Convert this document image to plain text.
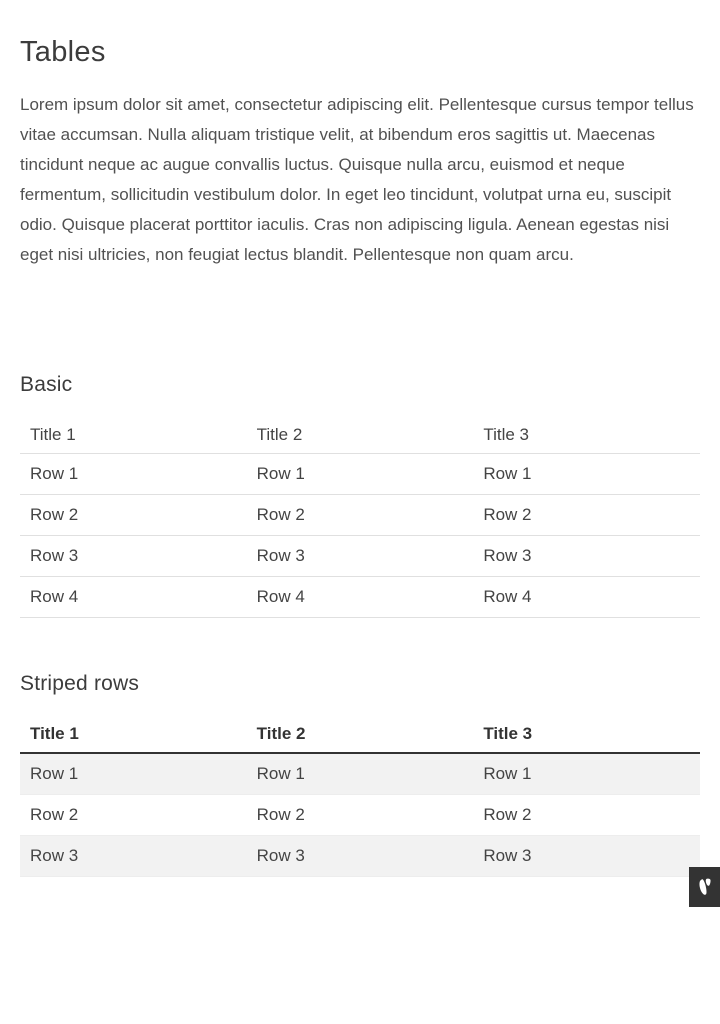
Tables

Lorem ipsum dolor sit amet, consectetur adipiscing elit. Pellentesque cursus tempor tellus vitae accumsan. Nulla aliquam tristique velit, at bibendum eros sagittis ut. Maecenas tincidunt neque ac augue convallis luctus. Quisque nulla arcu, euismod et neque fermentum, sollicitudin vestibulum dolor. In eget leo tincidunt, volutpat urna eu, suscipit odio. Quisque placerat porttitor iaculis. Cras non adipiscing ligula. Aenean egestas nisi eget nisi ultricies, non feugiat lectus blandit. Pellentesque non quam arcu.

Basic
Title 1	Title 2	Title 3
Row 1	Row 1	Row 1
Row 2	Row 2	Row 2
Row 3	Row 3	Row 3
Row 4	Row 4	Row 4
Striped rows
Title 1	Title 2	Title 3
Row 1	Row 1	Row 1
Row 2	Row 2	Row 2
Row 3	Row 3	Row 3
